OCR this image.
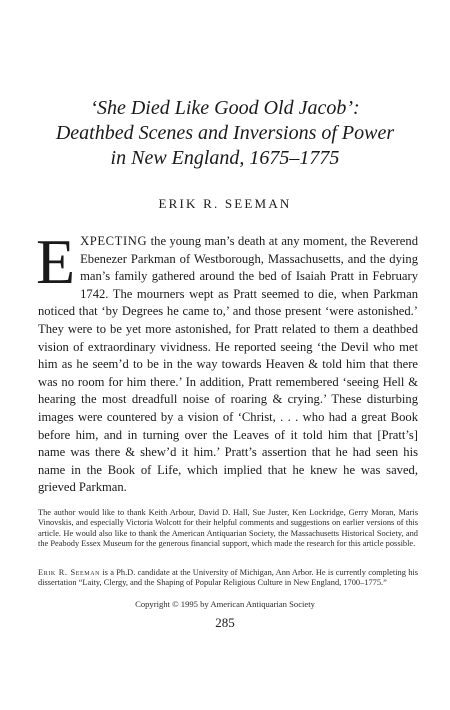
‘She Died Like Good Old Jacob’:
Deathbed Scenes and Inversions of Power
in New England, 1675–1775
ERIK R. SEEMAN

EXPECTING the young man’s death at any moment, the Reverend Ebenezer Parkman of Westborough, Massachusetts, and the dying man’s family gathered around the bed of Isaiah Pratt in February 1742. The mourners wept as Pratt seemed to die, when Parkman noticed that ‘by Degrees he came to,’ and those present ‘were astonished.’ They were to be yet more astonished, for Pratt related to them a deathbed vision of extraordinary vividness. He reported seeing ‘the Devil who met him as he seem’d to be in the way towards Heaven & told him that there was no room for him there.’ In addition, Pratt remembered ‘seeing Hell & hearing the most dreadfull noise of roaring & crying.’ These disturbing images were countered by a vision of ‘Christ, . . . who had a great Book before him, and in turning over the Leaves of it told him that [Pratt’s] name was there & shew’d it him.’ Pratt’s assertion that he had seen his name in the Book of Life, which implied that he knew he was saved, grieved Parkman.

The author would like to thank Keith Arbour, David D. Hall, Sue Juster, Ken Lockridge, Gerry Moran, Maris Vinovskis, and especially Victoria Wolcott for their helpful comments and suggestions on earlier versions of this article. He would also like to thank the American Antiquarian Society, the Massachusetts Historical Society, and the Peabody Essex Museum for the generous financial support, which made the research for this article possible.

Erik R. Seeman is a Ph.D. candidate at the University of Michigan, Ann Arbor. He is currently completing his dissertation “Laity, Clergy, and the Shaping of Popular Religious Culture in New England, 1700–1775.”

Copyright © 1995 by American Antiquarian Society
285
